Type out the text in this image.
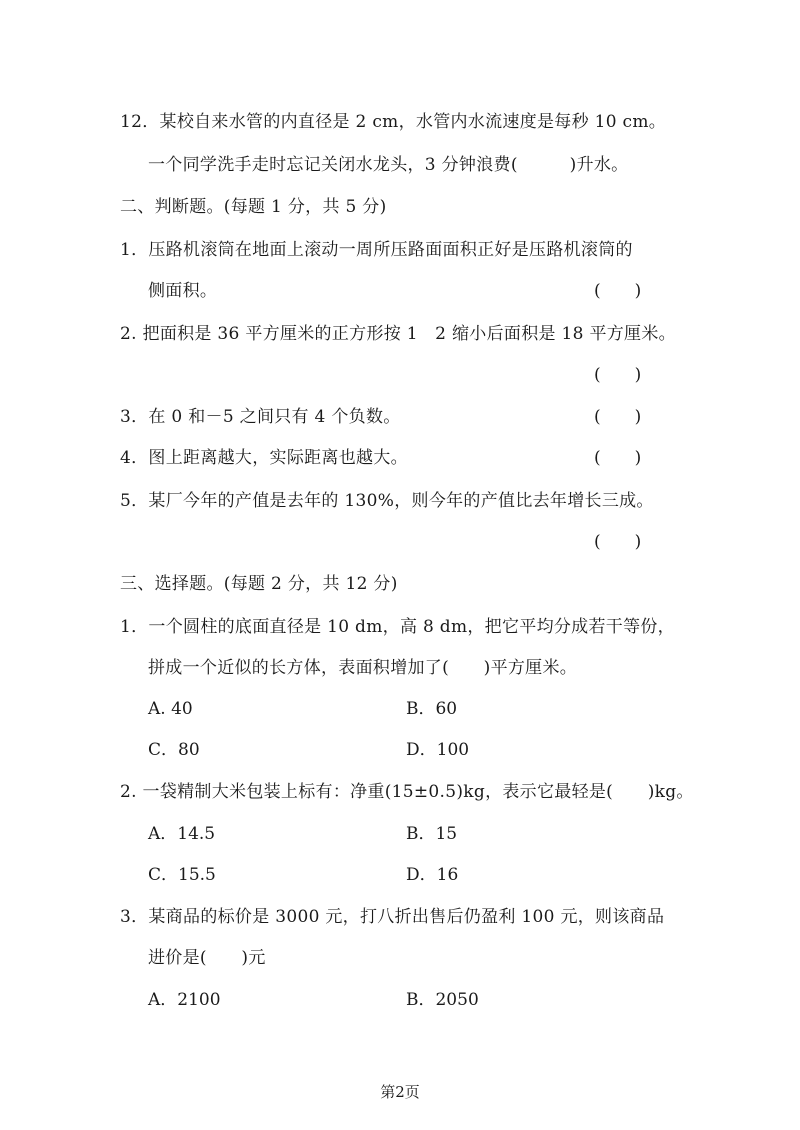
12．某校自来水管的内直径是 2 cm，水管内水流速度是每秒 10 cm。
一个同学洗手走时忘记关闭水龙头，3 分钟浪费(　　　)升水。
二、判断题。(每题 1 分，共 5 分)
1．压路机滚筒在地面上滚动一周所压路面面积正好是压路机滚筒的
侧面积。	(　　)
2. 把面积是 36 平方厘米的正方形按 1　2 缩小后面积是 18 平方厘米。
(　　)
3．在 0 和－5 之间只有 4 个负数。	(　　)
4．图上距离越大，实际距离也越大。	(　　)
5．某厂今年的产值是去年的 130%，则今年的产值比去年增长三成。
(　　)
三、选择题。(每题 2 分，共 12 分)
1．一个圆柱的底面直径是 10 dm，高 8 dm，把它平均分成若干等份，
拼成一个近似的长方体，表面积增加了(　　)平方厘米。
A. 40	B．60
C．80	D．100
2. 一袋精制大米包装上标有：净重(15±0.5)kg，表示它最轻是(　　)kg。
A．14.5	B．15
C．15.5	D．16
3．某商品的标价是 3000 元，打八折出售后仍盈利 100 元，则该商品
进价是(　　)元
A．2100	B．2050
第2页
